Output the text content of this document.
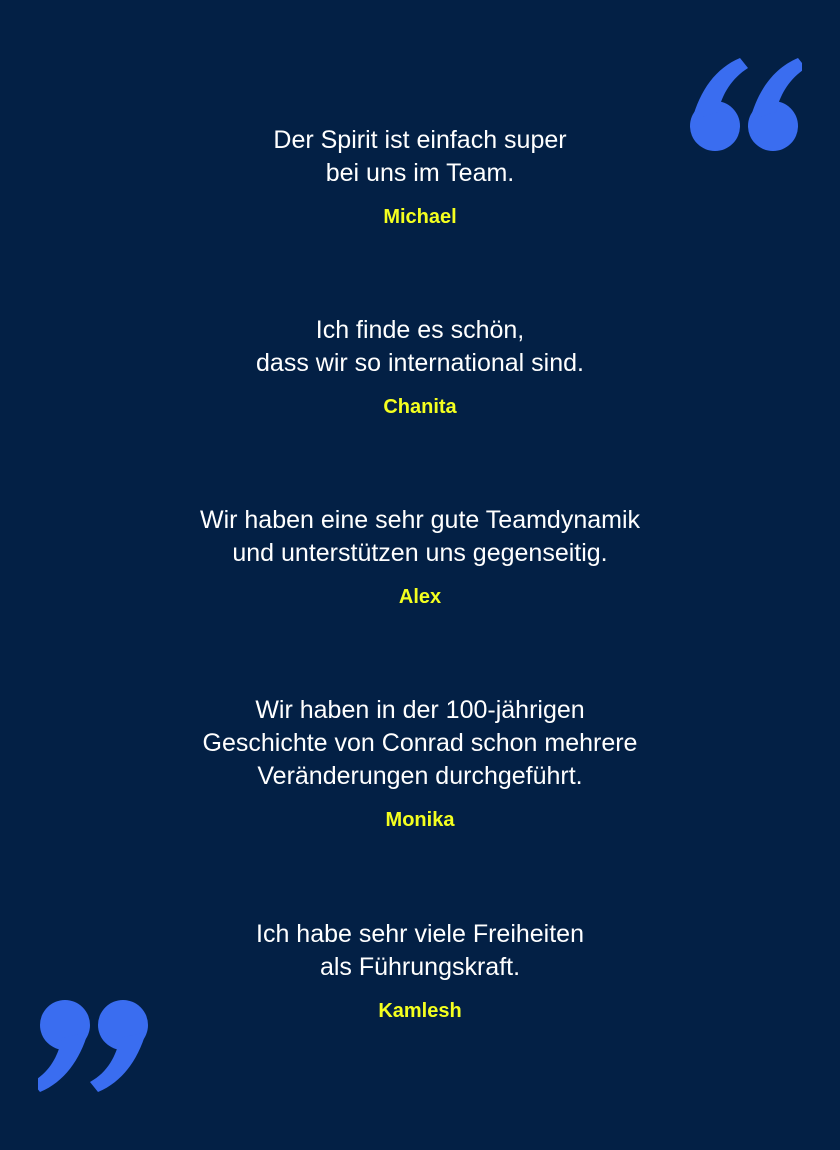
Der Spirit ist einfach super
bei uns im Team.

Michael

Ich finde es schön,
dass wir so international sind.

Chanita

Wir haben eine sehr gute Teamdynamik
und unterstützen uns gegenseitig.

Alex

Wir haben in der 100-jährigen
Geschichte von Conrad schon mehrere
Veränderungen durchgeführt.

Monika

Ich habe sehr viele Freiheiten
als Führungskraft.

Kamlesh
